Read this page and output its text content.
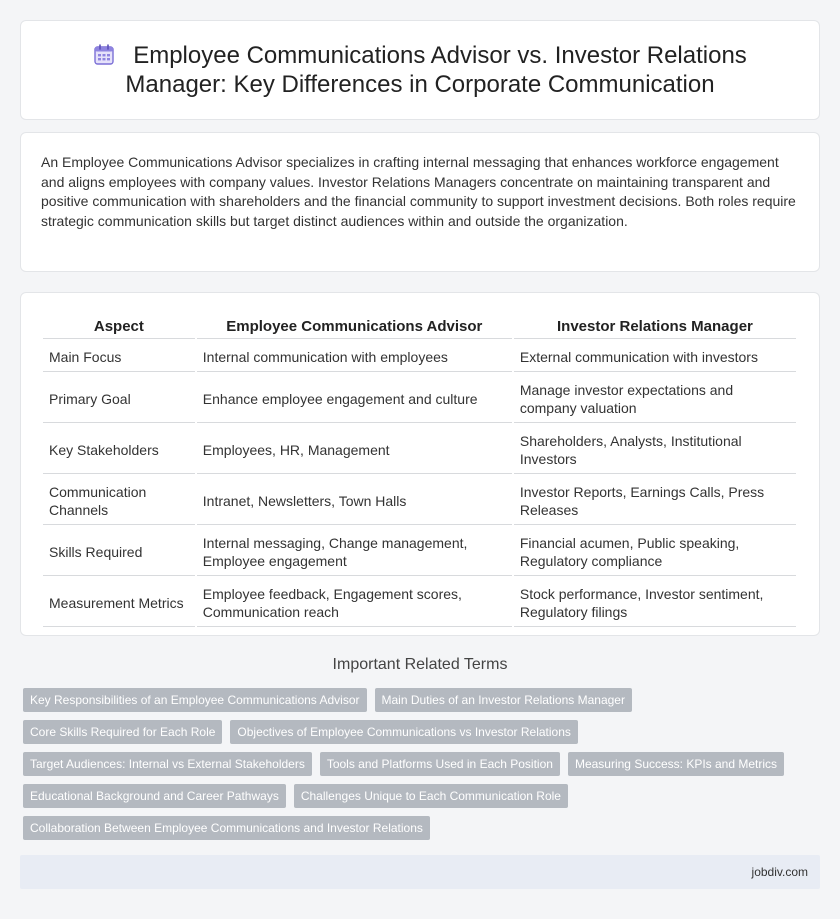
Employee Communications Advisor vs. Investor Relations Manager: Key Differences in Corporate Communication

An Employee Communications Advisor specializes in crafting internal messaging that enhances workforce engagement and aligns employees with company values. Investor Relations Managers concentrate on maintaining transparent and positive communication with shareholders and the financial community to support investment decisions. Both roles require strategic communication skills but target distinct audiences within and outside the organization.

Aspect	Employee Communications Advisor	Investor Relations Manager
Main Focus	Internal communication with employees	External communication with investors
Primary Goal	Enhance employee engagement and culture	Manage investor expectations and company valuation
Key Stakeholders	Employees, HR, Management	Shareholders, Analysts, Institutional Investors
Communication Channels	Intranet, Newsletters, Town Halls	Investor Reports, Earnings Calls, Press Releases
Skills Required	Internal messaging, Change management, Employee engagement	Financial acumen, Public speaking, Regulatory compliance
Measurement Metrics	Employee feedback, Engagement scores, Communication reach	Stock performance, Investor sentiment, Regulatory filings
Important Related Terms
Key Responsibilities of an Employee Communications Advisor	Main Duties of an Investor Relations Manager
Core Skills Required for Each Role	Objectives of Employee Communications vs Investor Relations
Target Audiences: Internal vs External Stakeholders	Tools and Platforms Used in Each Position	Measuring Success: KPIs and Metrics
Educational Background and Career Pathways	Challenges Unique to Each Communication Role
Collaboration Between Employee Communications and Investor Relations
jobdiv.com
